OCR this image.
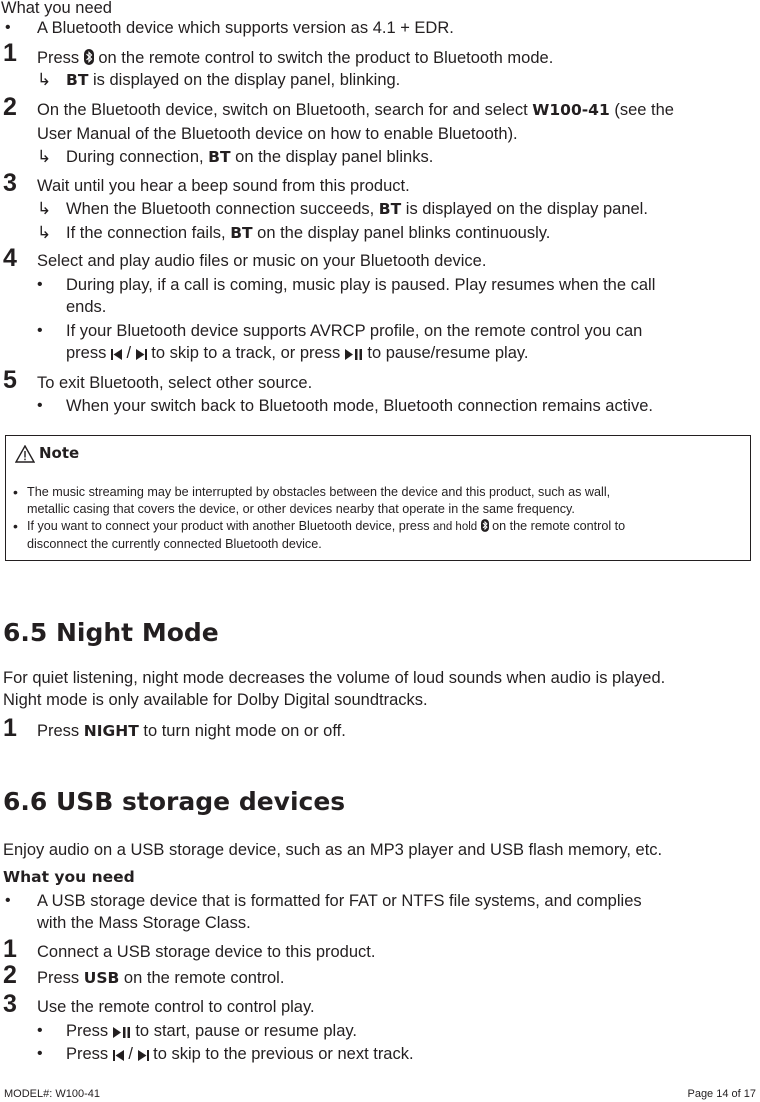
What you need
• A Bluetooth device which supports version as 4.1 + EDR.
1 Press  on the remote control to switch the product to Bluetooth mode.
↳ BT is displayed on the display panel, blinking.
2 On the Bluetooth device, switch on Bluetooth, search for and select W100-41 (see the
User Manual of the Bluetooth device on how to enable Bluetooth).
↳ During connection, BT on the display panel blinks.
3 Wait until you hear a beep sound from this product.
↳ When the Bluetooth connection succeeds, BT is displayed on the display panel.
↳ If the connection fails, BT on the display panel blinks continuously.
4 Select and play audio files or music on your Bluetooth device.
• During play, if a call is coming, music play is paused. Play resumes when the call
ends.
• If your Bluetooth device supports AVRCP profile, on the remote control you can
press  /  to skip to a track, or press  to pause/resume play.
5 To exit Bluetooth, select other source.
• When your switch back to Bluetooth mode, Bluetooth connection remains active.
Note
• The music streaming may be interrupted by obstacles between the device and this product, such as wall,
metallic casing that covers the device, or other devices nearby that operate in the same frequency.
• If you want to connect your product with another Bluetooth device, press and hold  on the remote control to
disconnect the currently connected Bluetooth device.
6.5 Night Mode
For quiet listening, night mode decreases the volume of loud sounds when audio is played.
Night mode is only available for Dolby Digital soundtracks.
1 Press NIGHT to turn night mode on or off.
6.6 USB storage devices
Enjoy audio on a USB storage device, such as an MP3 player and USB flash memory, etc.
What you need
• A USB storage device that is formatted for FAT or NTFS file systems, and complies
with the Mass Storage Class.
1 Connect a USB storage device to this product.
2 Press USB on the remote control.
3 Use the remote control to control play.
• Press  to start, pause or resume play.
• Press  /  to skip to the previous or next track.
MODEL#: W100-41	Page 14 of 17
